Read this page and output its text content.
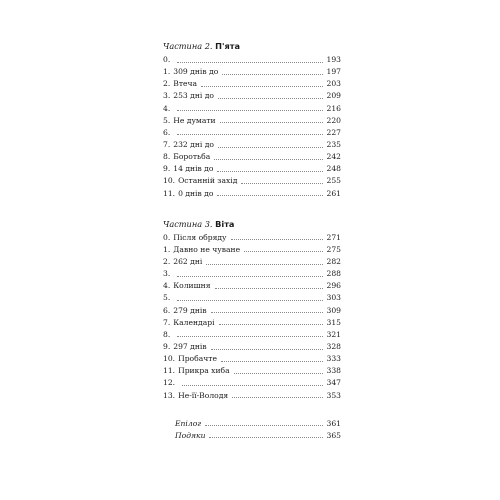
Частина 2. П'ята
0.	193
1. 309 днів до	197
2. Втеча	203
3. 253 дні до	209
4.	216
5. Не думати	220
6.	227
7. 232 дні до	235
8. Боротьба	242
9. 14 днів до	248
10. Останній захід	255
11. 0 днів до	261
Частина 3. Віта
0. Після обряду	271
1. Давно не чуване	275
2. 262 дні	282
3.	288
4. Колишня	296
5.	303
6. 279 днів	309
7. Календарі	315
8.	321
9. 297 днів	328
10. Пробачте	333
11. Прикра хиба	338
12.	347
13. Не-її-Володя	353
Епілог	361
Подяки	365
